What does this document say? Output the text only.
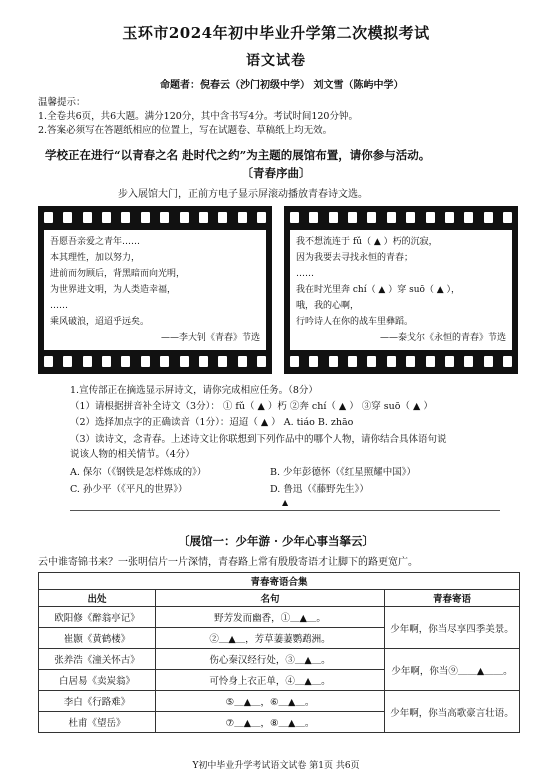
玉环市2024年初中毕业升学第二次模拟考试
语文试卷
命题者：倪春云（沙门初级中学） 刘文雪（陈屿中学）
温馨提示：
1.全卷共6页，共6大题。满分120分，其中含书写4分。考试时间120分钟。
2.答案必须写在答题纸相应的位置上，写在试题卷、草稿纸上均无效。
学校正在进行“以青春之名 赴时代之约”为主题的展馆布置，请你参与活动。
〔青春序曲〕
步入展馆大门，正前方电子显示屏滚动播放青春诗文选。
吾愿吾亲爱之青年……
本其理性，加以努力，
进前而勿顾后，背黑暗而向光明，
为世界进文明，为人类造幸福，
……
乘风破浪，迢迢乎远矣。
——李大钊《青春》节选
我不想流连于 fǔ（ ▲ ）朽的沉寂，
因为我要去寻找永恒的青春；
……
我在时光里奔 chí（ ▲ ）穿 suō（ ▲ ），
哦，我的心啊，
行吟诗人在你的战车里彝蹈。
——泰戈尔《永恒的青春》节选
1.宣传部正在摘选显示屏诗文，请你完成相应任务。（8分）
（1）请根据拼音补全诗文（3分）： ① fǔ（ ▲ ）朽 ②奔 chí（ ▲ ） ③穿 suō（ ▲ ）
（2）选择加点字的正确读音（1分）：迢迢（ ▲ ） A. tiáo B. zhāo
（3）读诗文，念青春。上述诗文让你联想到下列作品中的哪个人物，请你结合具体语句说
说该人物的相关情节。（4分）
A. 保尔（《钢铁是怎样炼成的》）	B. 少年彭德怀（《红星照耀中国》）
C. 孙少平（《平凡的世界》）	D. 鲁迅（《藤野先生》）
▲
〔展馆一：少年游 · 少年心事当拏云〕
云中谁寄锦书来？一张明信片一片深情，青春路上常有殷殷寄语才让脚下的路更宽广。
青春寄语合集		
出处	名句	青春寄语
欧阳修《醉翁亭记》	野芳发而幽香，①＿▲＿。	少年啊，你当尽享四季美景。
崔颢《黄鹤楼》	②＿▲＿，芳草萋萋鹦鹉洲。	
张养浩《潼关怀古》	伤心秦汉经行处，③＿▲＿。	少年啊，你当⑨＿＿▲＿＿。
白居易《卖炭翁》	可怜身上衣正单，④＿▲＿。	
李白《行路难》	⑤＿▲＿，⑥＿▲＿。	少年啊，你当高歌豪言壮语。
杜甫《望岳》	⑦＿▲＿，⑧＿▲＿。	
Y初中毕业升学考试语文试卷 第1页 共6页
